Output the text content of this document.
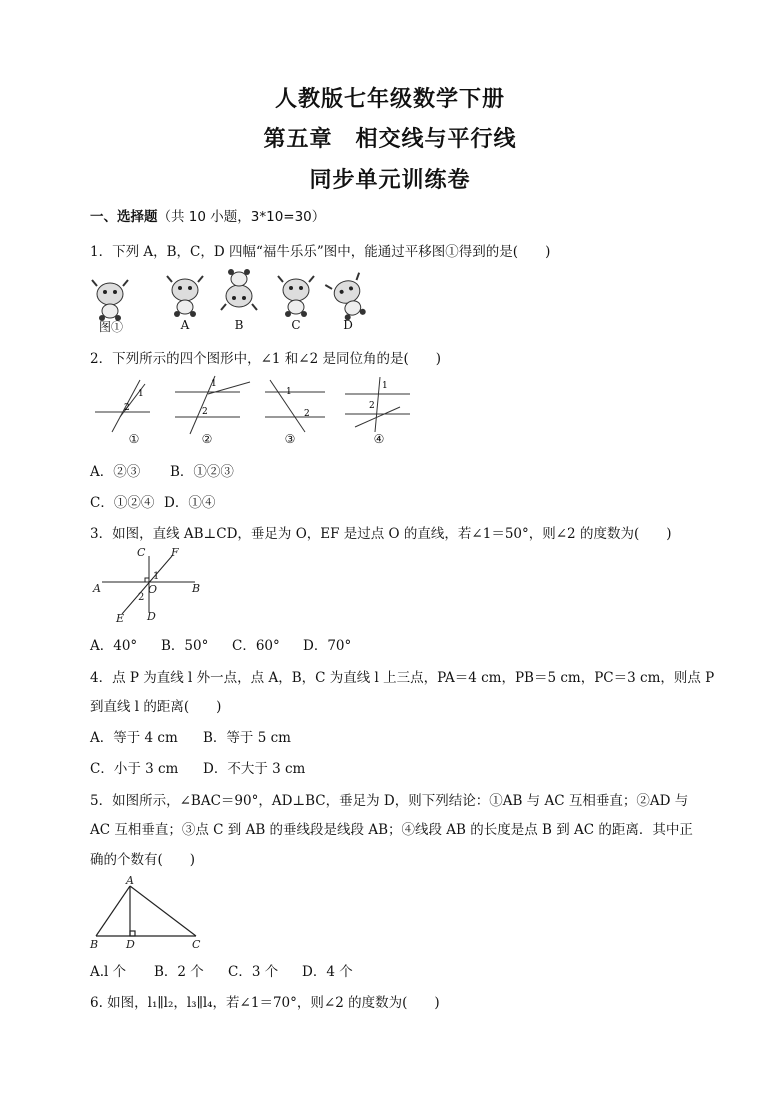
人教版七年级数学下册
第五章　相交线与平行线
同步单元训练卷
一、选择题（共 10 小题，3*10=30）
1．下列 A，B，C，D 四幅“福牛乐乐”图中，能通过平移图①得到的是(　　)
图①	A	B	C	D
2．下列所示的四个图形中，∠1 和∠2 是同位角的是(　　)
1
2
1
2
1
2
1
2
①	②	③	④
A．②③ B．①②③
C．①②④ D．①④
3．如图，直线 AB⊥CD，垂足为 O，EF 是过点 O 的直线，若∠1＝50°，则∠2 的度数为(　　)
A	B
C
D
E
F
O
1
2
A．40° B．50° C．60° D．70°
4．点 P 为直线 l 外一点，点 A，B，C 为直线 l 上三点，PA＝4 cm，PB＝5 cm，PC＝3 cm，则点 P
到直线 l 的距离(　　)
A．等于 4 cm B．等于 5 cm
C．小于 3 cm D．不大于 3 cm
5．如图所示，∠BAC＝90°，AD⊥BC，垂足为 D，则下列结论：①AB 与 AC 互相垂直；②AD 与
AC 互相垂直；③点 C 到 AB 的垂线段是线段 AB；④线段 AB 的长度是点 B 到 AC 的距离．其中正
确的个数有(　　)
A
B	D	C
A.l 个 B．2 个 C．3 个 D．4 个
6. 如图，l₁∥l₂，l₃∥l₄，若∠1＝70°，则∠2 的度数为(　　)
